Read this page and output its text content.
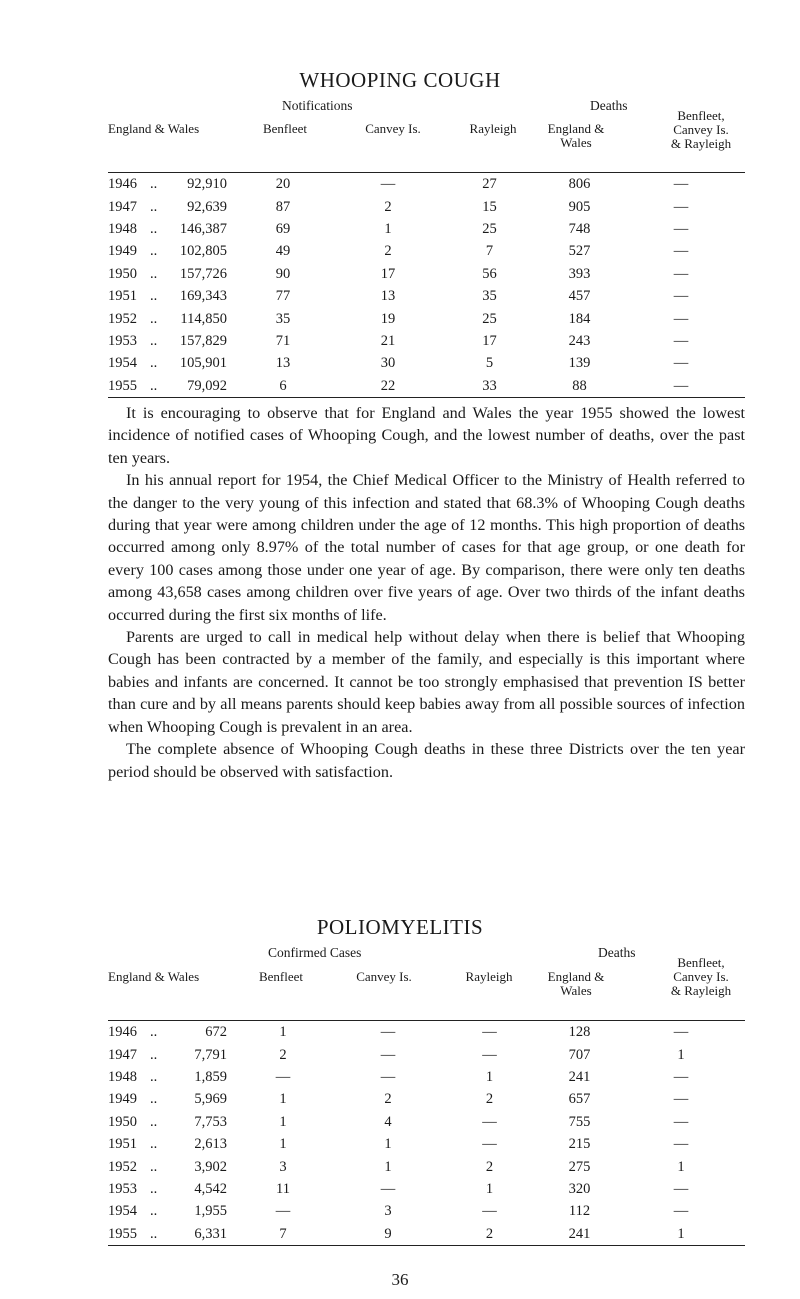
WHOOPING COUGH
Notifications	Deaths
England & Wales	Benfleet	Canvey Is.	Rayleigh	England &
Wales
Benfleet,
Canvey Is.
& Rayleigh
1946	..	92,910	20	—	27	806	—
1947	..	92,639	87	2	15	905	—
1948	..	146,387	69	1	25	748	—
1949	..	102,805	49	2	7	527	—
1950	..	157,726	90	17	56	393	—
1951	..	169,343	77	13	35	457	—
1952	..	114,850	35	19	25	184	—
1953	..	157,829	71	21	17	243	—
1954	..	105,901	13	30	5	139	—
1955	..	79,092	6	22	33	88	—

It is encouraging to observe that for England and Wales the year 1955 showed the lowest incidence of notified cases of Whooping Cough, and the lowest number of deaths, over the past ten years.

In his annual report for 1954, the Chief Medical Officer to the Ministry of Health referred to the danger to the very young of this infection and stated that 68.3% of Whooping Cough deaths during that year were among children under the age of 12 months. This high proportion of deaths occurred among only 8.97% of the total number of cases for that age group, or one death for every 100 cases among those under one year of age. By comparison, there were only ten deaths among 43,658 cases among children over five years of age. Over two thirds of the infant deaths occurred during the first six months of life.

Parents are urged to call in medical help without delay when there is belief that Whooping Cough has been contracted by a member of the family, and especially is this important where babies and infants are concerned. It cannot be too strongly emphasised that prevention IS better than cure and by all means parents should keep babies away from all possible sources of infection when Whooping Cough is prevalent in an area.

The complete absence of Whooping Cough deaths in these three Districts over the ten year period should be observed with satisfaction.

POLIOMYELITIS
Confirmed Cases	Deaths
England & Wales	Benfleet	Canvey Is.	Rayleigh	England &
Wales
Benfleet,
Canvey Is.
& Rayleigh
1946	..	672	1	—	—	128	—
1947	..	7,791	2	—	—	707	1
1948	..	1,859	—	—	1	241	—
1949	..	5,969	1	2	2	657	—
1950	..	7,753	1	4	—	755	—
1951	..	2,613	1	1	—	215	—
1952	..	3,902	3	1	2	275	1
1953	..	4,542	11	—	1	320	—
1954	..	1,955	—	3	—	112	—
1955	..	6,331	7	9	2	241	1
36
